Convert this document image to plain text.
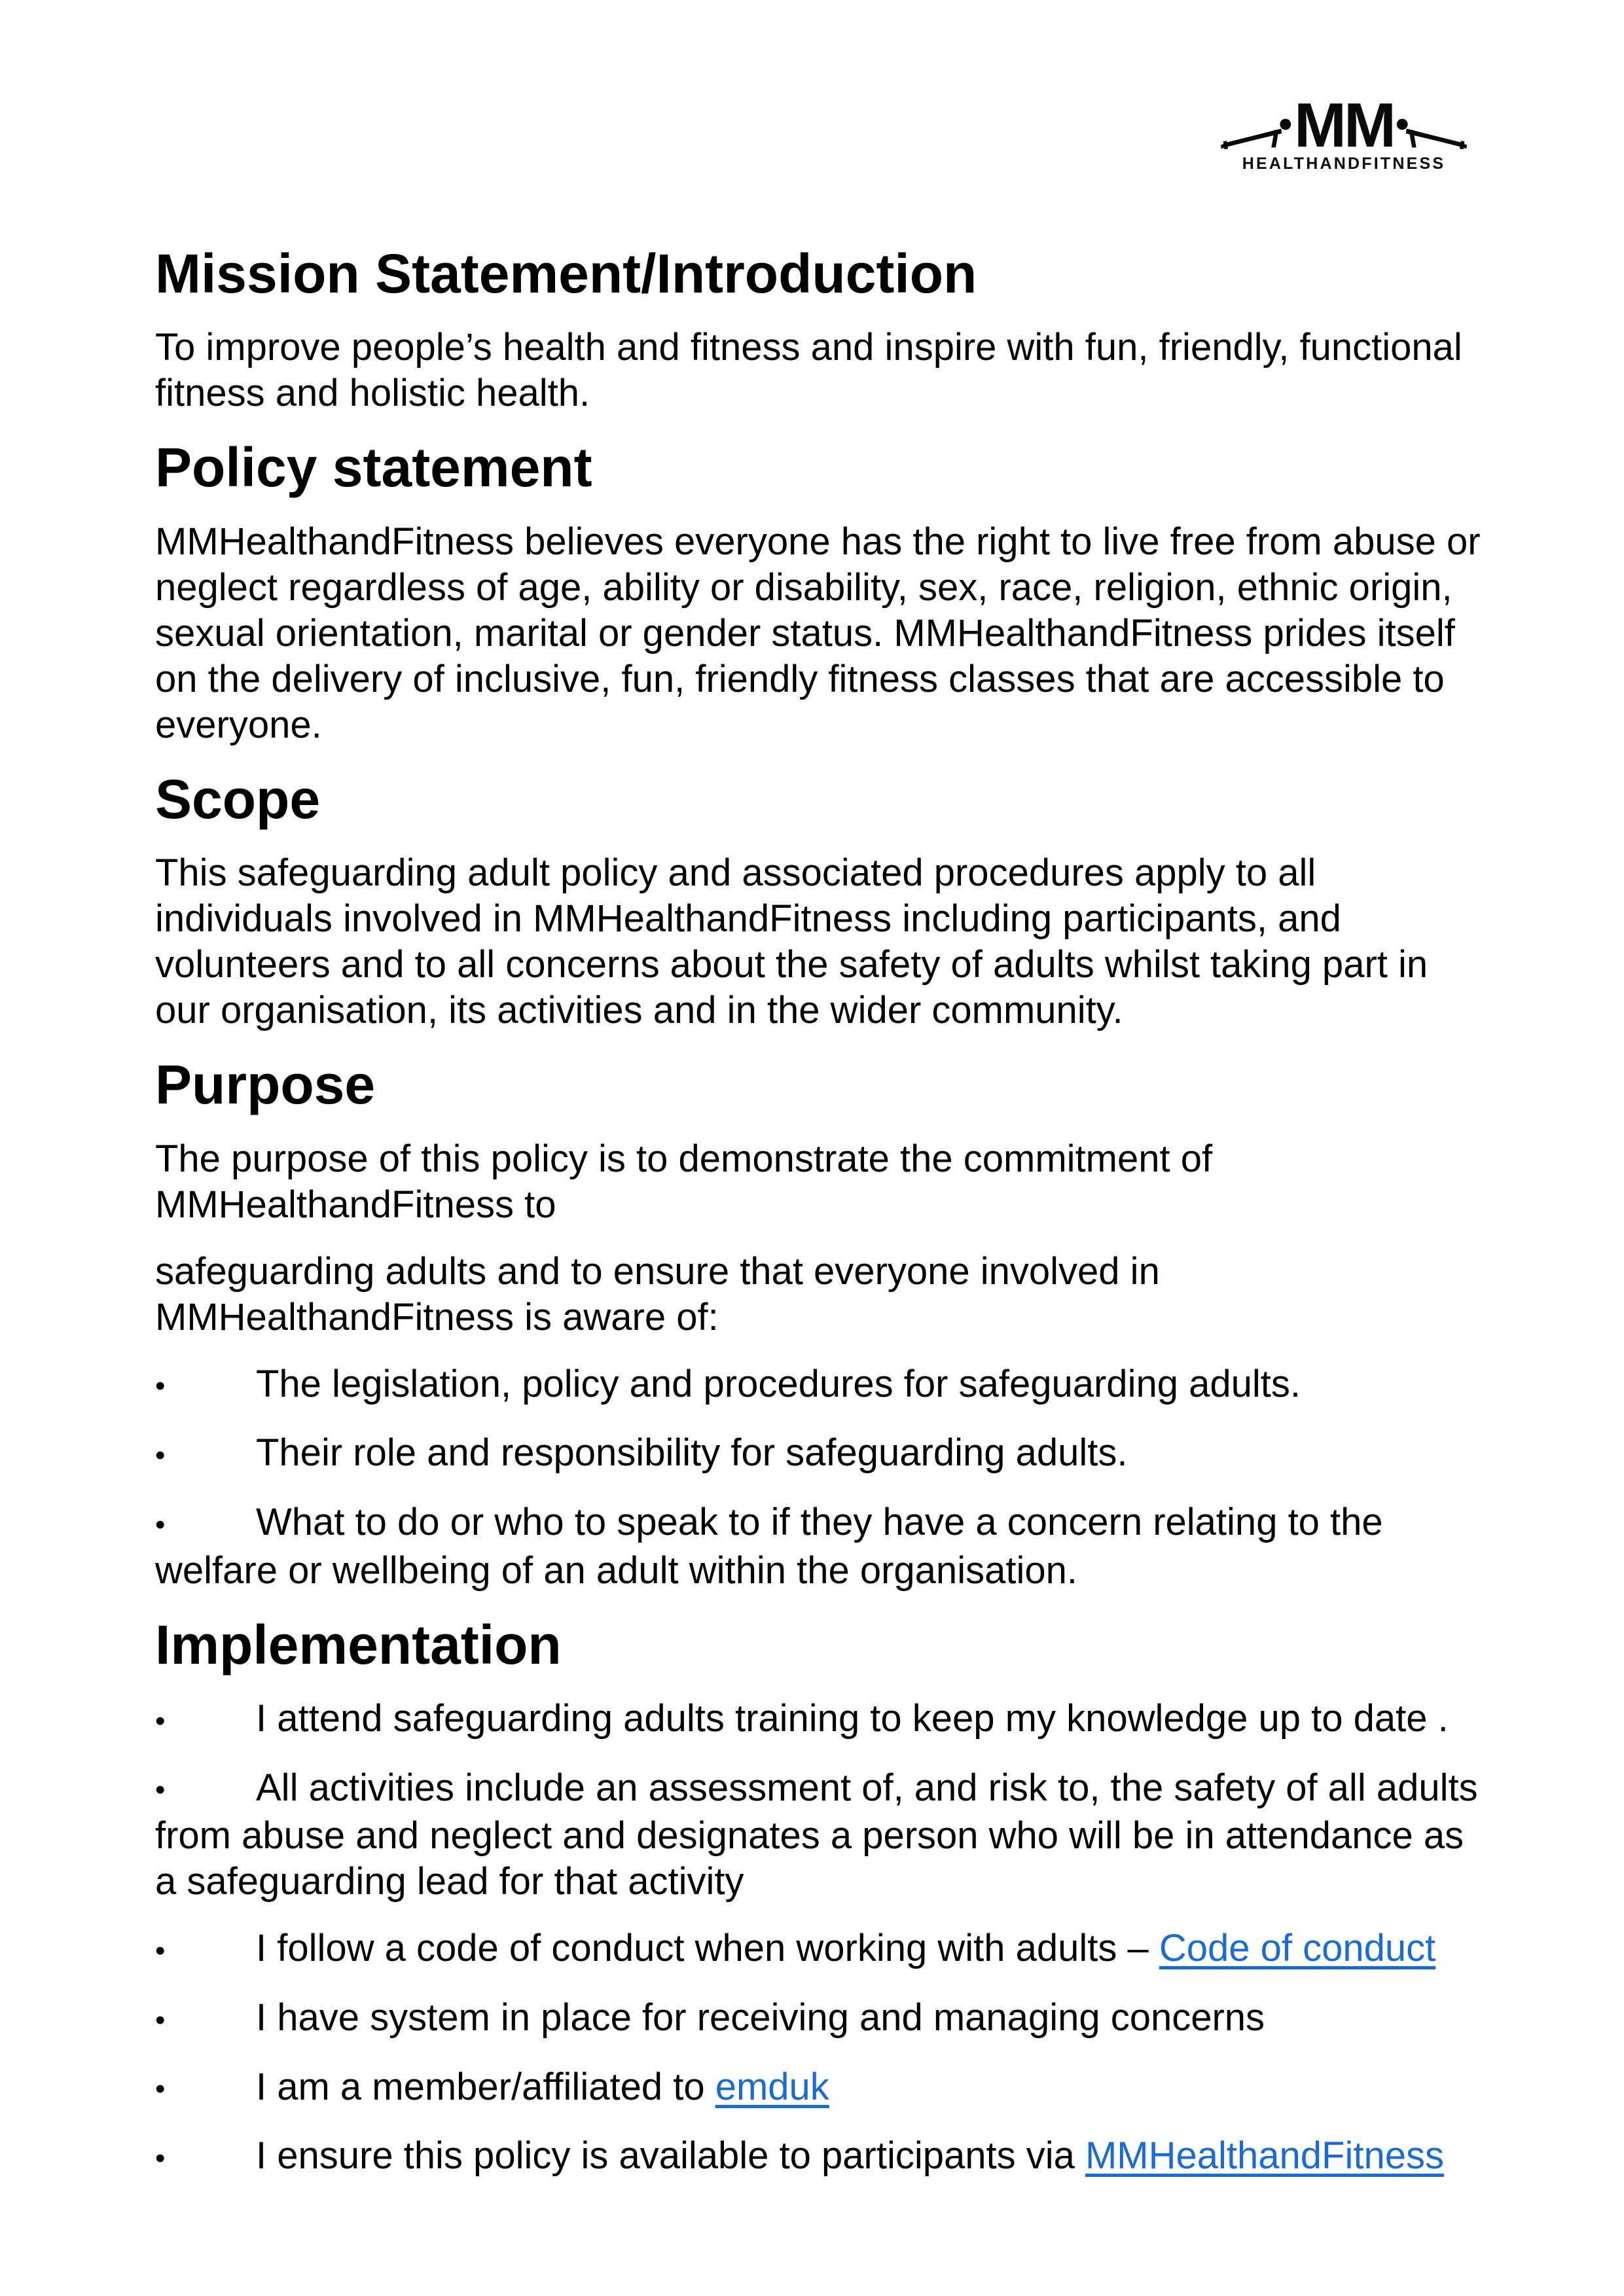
MM
HEALTHANDFITNESS
Mission Statement/Introduction

To improve people’s health and fitness and inspire with fun, friendly, functional fitness and holistic health.

Policy statement

MMHealthandFitness believes everyone has the right to live free from abuse or neglect regardless of age, ability or disability, sex, race, religion, ethnic origin, sexual orientation, marital or gender status. MMHealthandFitness prides itself on the delivery of inclusive, fun, friendly fitness classes that are accessible to everyone.

Scope

This safeguarding adult policy and associated procedures apply to all individuals involved in MMHealthandFitness including participants, and volunteers and to all concerns about the safety of adults whilst taking part in our organisation, its activities and in the wider community.

Purpose

The purpose of this policy is to demonstrate the commitment of MMHealthandFitness to

safeguarding adults and to ensure that everyone involved in MMHealthandFitness is aware of:

• The legislation, policy and procedures for safeguarding adults.
• Their role and responsibility for safeguarding adults.
• What to do or who to speak to if they have a concern relating to the welfare or wellbeing of an adult within the organisation.
Implementation
• I attend safeguarding adults training to keep my knowledge up to date .
• All activities include an assessment of, and risk to, the safety of all adults from abuse and neglect and designates a person who will be in attendance as a safeguarding lead for that activity
• I follow a code of conduct when working with adults – Code of conduct
• I have system in place for receiving and managing concerns
• I am a member/affiliated to emduk
• I ensure this policy is available to participants via MMHealthandFitness
